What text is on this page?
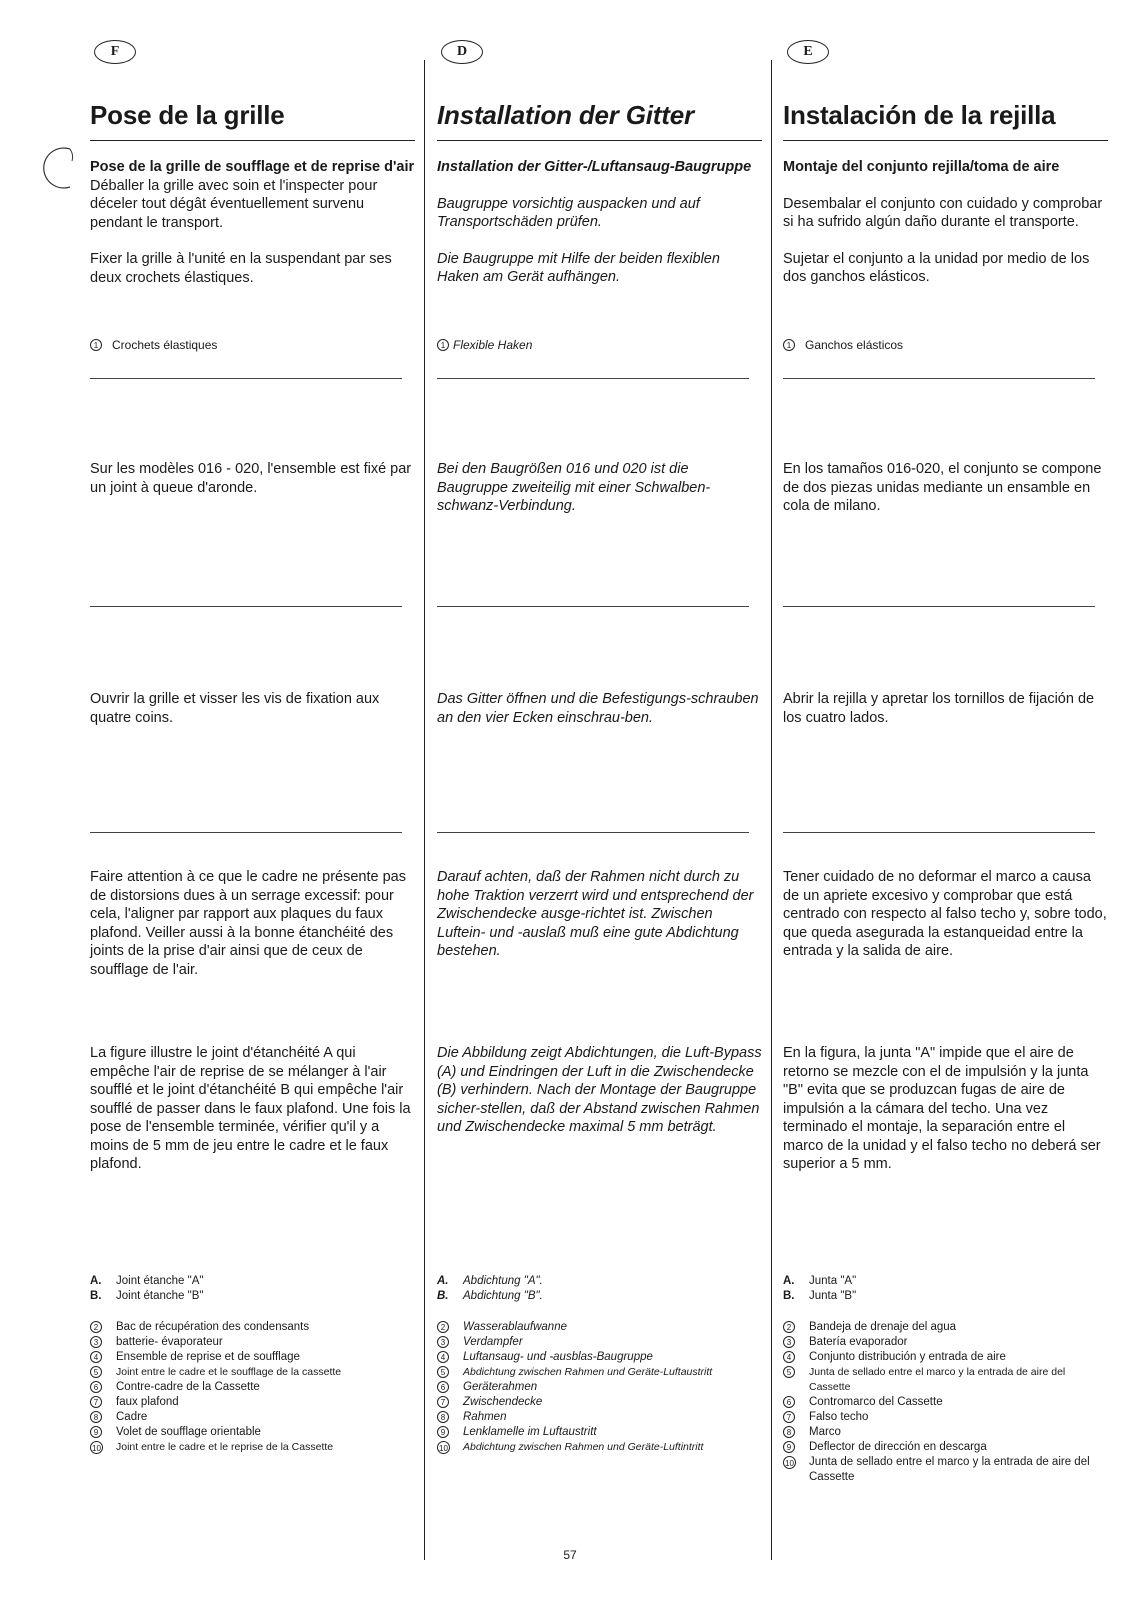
F
Pose de la grille

Pose de la grille de soufflage et de reprise d'air

Déballer la grille avec soin et l'inspecter pour déceler tout dégât éventuellement survenu pendant le transport.

Fixer la grille à l'unité en la suspendant par ses deux crochets élastiques.

1	Crochets élastiques

Sur les modèles 016 - 020, l'ensemble est fixé par un joint à queue d'aronde.

Ouvrir la grille et visser les vis de fixation aux quatre coins.

Faire attention à ce que le cadre ne présente pas de distorsions dues à un serrage excessif: pour cela, l'aligner par rapport aux plaques du faux plafond. Veiller aussi à la bonne étanchéité des joints de la prise d'air ainsi que de ceux de soufflage de l'air.

La figure illustre le joint d'étanchéité A qui empêche l'air de reprise de se mélanger à l'air soufflé et le joint d'étanchéité B qui empêche l'air soufflé de passer dans le faux plafond. Une fois la pose de l'ensemble terminée, vérifier qu'il y a moins de 5 mm de jeu entre le cadre et le faux plafond.

A.	Joint étanche "A"
B.	Joint étanche "B"
2	Bac de récupération des condensants
3	batterie- évaporateur
4	Ensemble de reprise et de soufflage
5	Joint entre le cadre et le soufflage de la cassette
6	Contre-cadre de la Cassette
7	faux plafond
8	Cadre
9	Volet de soufflage orientable
10	Joint entre le cadre et le reprise de la Cassette
D
Installation der Gitter

Installation der Gitter-/Luftansaug-Baugruppe

Baugruppe vorsichtig auspacken und auf Transportschäden prüfen.

Die Baugruppe mit Hilfe der beiden flexiblen Haken am Gerät aufhängen.

1 Flexible Haken

Bei den Baugrößen 016 und 020 ist die Baugruppe zweiteilig mit einer Schwalben-schwanz-Verbindung.

Das Gitter öffnen und die Befestigungs-schrauben an den vier Ecken einschrau-ben.

Darauf achten, daß der Rahmen nicht durch zu hohe Traktion verzerrt wird und entsprechend der Zwischendecke ausge-richtet ist. Zwischen Luftein- und -auslaß muß eine gute Abdichtung bestehen.

Die Abbildung zeigt Abdichtungen, die Luft-Bypass (A) und Eindringen der Luft in die Zwischendecke (B) verhindern. Nach der Montage der Baugruppe sicher-stellen, daß der Abstand zwischen Rahmen und Zwischendecke maximal 5 mm beträgt.

A.	Abdichtung "A".
B.	Abdichtung "B".
2	Wasserablaufwanne
3	Verdampfer
4	Luftansaug- und -ausblas-Baugruppe
5	Abdichtung zwischen Rahmen und Geräte-Luftaustritt
6	Geräterahmen
7	Zwischendecke
8	Rahmen
9	Lenklamelle im Luftaustritt
10	Abdichtung zwischen Rahmen und Geräte-Luftintritt
E
Instalación de la rejilla

Montaje del conjunto rejilla/toma de aire

Desembalar el conjunto con cuidado y comprobar si ha sufrido algún daño durante el transporte.

Sujetar el conjunto a la unidad por medio de los dos ganchos elásticos.

1	Ganchos elásticos

En los tamaños 016-020, el conjunto se compone de dos piezas unidas mediante un ensamble en cola de milano.

Abrir la rejilla y apretar los tornillos de fijación de los cuatro lados.

Tener cuidado de no deformar el marco a causa de un apriete excesivo y comprobar que está centrado con respecto al falso techo y, sobre todo, que queda asegurada la estanqueidad entre la entrada y la salida de aire.

En la figura, la junta "A" impide que el aire de retorno se mezcle con el de impulsión y la junta "B" evita que se produzcan fugas de aire de impulsión a la cámara del techo. Una vez terminado el montaje, la separación entre el marco de la unidad y el falso techo no deberá ser superior a 5 mm.

A.	Junta "A"
B.	Junta "B"
2	Bandeja de drenaje del agua
3	Batería evaporador
4	Conjunto distribución y entrada de aire
5	Junta de sellado entre el marco y la entrada de aire del Cassette
6	Contromarco del Cassette
7	Falso techo
8	Marco
9	Deflector de dirección en descarga
10	Junta de sellado entre el marco y la entrada de aire del Cassette
57
